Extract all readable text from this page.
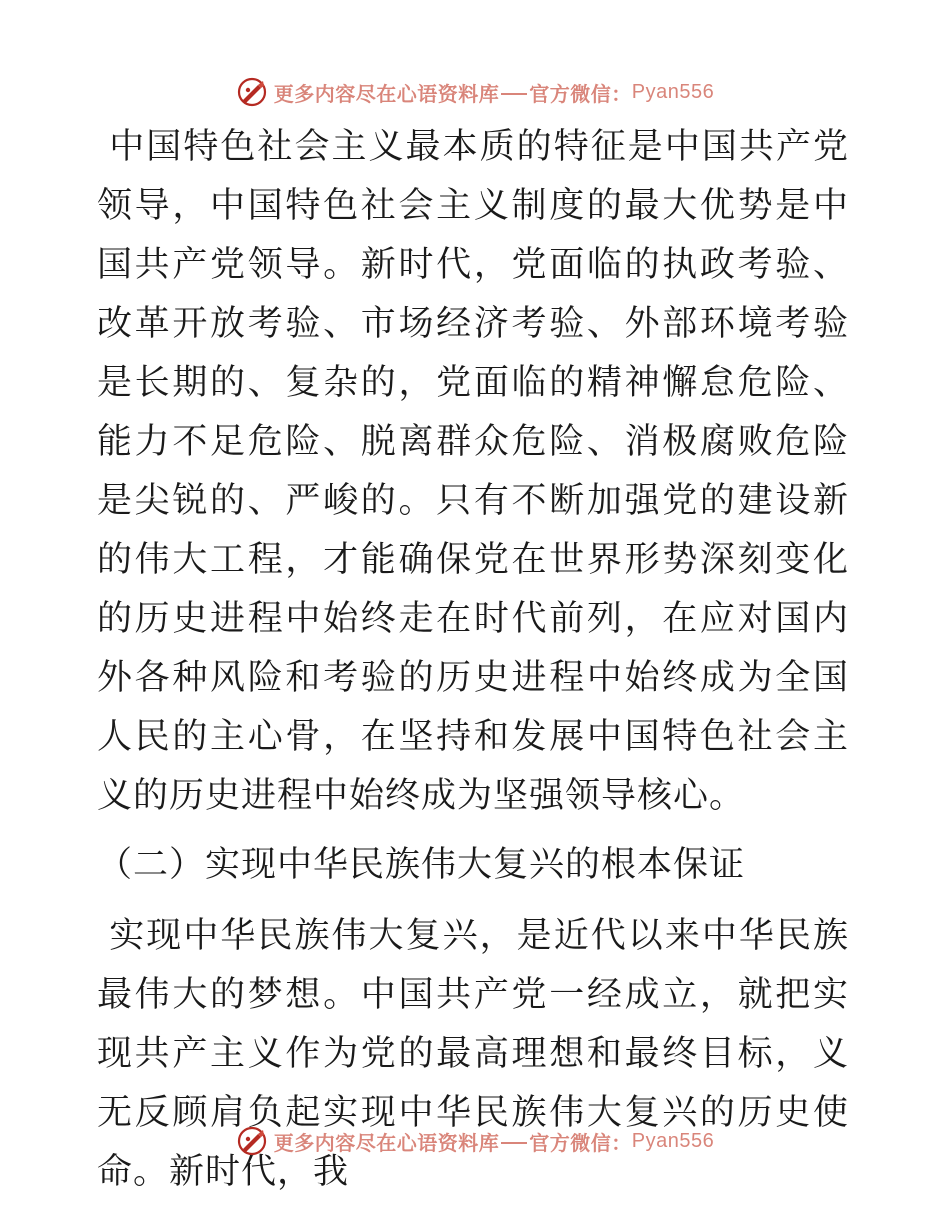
更多内容尽在心语资料库 官方微信： Pyan556

中国特色社会主义最本质的特征是中国共产党领导，中国特色社会主义制度的最大优势是中国共产党领导。新时代，党面临的执政考验、改革开放考验、市场经济考验、外部环境考验是长期的、复杂的，党面临的精神懈怠危险、能力不足危险、脱离群众危险、消极腐败危险是尖锐的、严峻的。只有不断加强党的建设新的伟大工程，才能确保党在世界形势深刻变化的历史进程中始终走在时代前列，在应对国内外各种风险和考验的历史进程中始终成为全国人民的主心骨，在坚持和发展中国特色社会主义的历史进程中始终成为坚强领导核心。

（二）实现中华民族伟大复兴的根本保证

实现中华民族伟大复兴，是近代以来中华民族最伟大的梦想。中国共产党一经成立，就把实现共产主义作为党的最高理想和最终目标，义无反顾肩负起实现中华民族伟大复兴的历史使命。新时代，我

更多内容尽在心语资料库 官方微信： Pyan556
